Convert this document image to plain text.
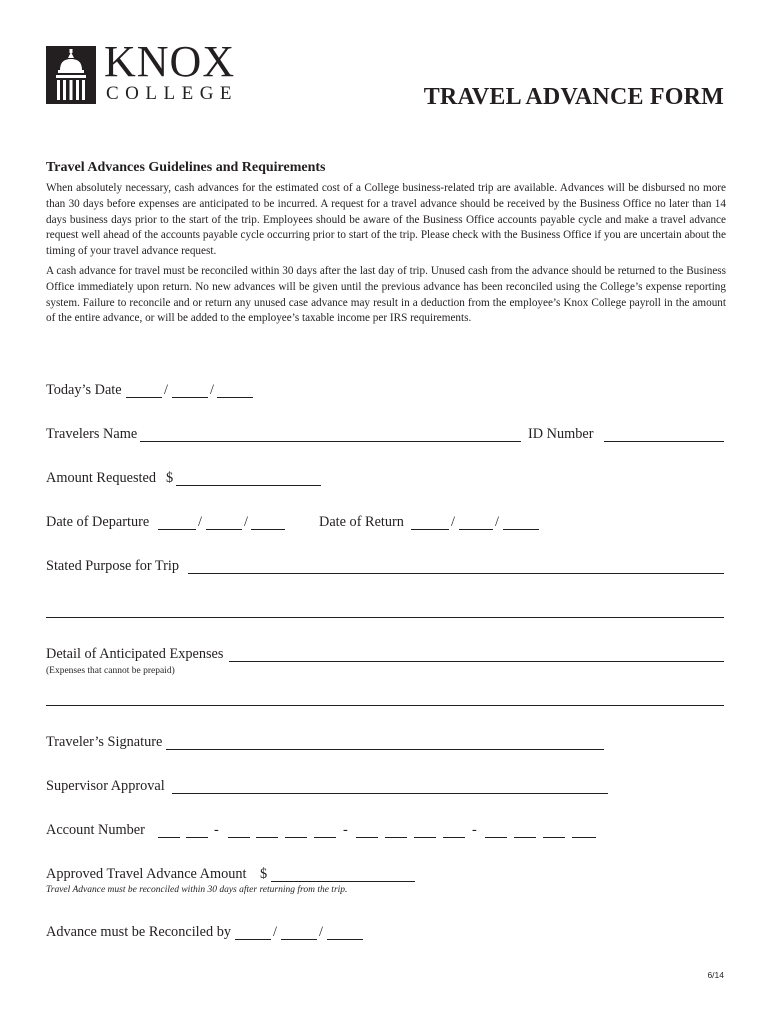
KNOX
COLLEGE	TRAVEL ADVANCE FORM
Travel Advances Guidelines and Requirements

When absolutely necessary, cash advances for the estimated cost of a College business-related trip are available. Advances will be disbursed no more than 30 days before expenses are anticipated to be incurred. A request for a travel advance should be received by the Business Office no later than 14 days business days prior to the start of the trip. Employees should be aware of the Business Office accounts payable cycle and make a travel advance request well ahead of the accounts payable cycle occurring prior to start of the trip. Please check with the Business Office if you are uncertain about the timing of your travel advance request.

A cash advance for travel must be reconciled within 30 days after the last day of trip. Unused cash from the advance should be returned to the Business Office immediately upon return. No new advances will be given until the previous advance has been reconciled using the College’s expense reporting system. Failure to reconcile and or return any unused case advance may result in a deduction from the employee’s Knox College payroll in the amount of the entire advance, or will be added to the employee’s taxable income per IRS requirements.

Today’s Date	/	/
Travelers Name	ID Number
Amount Requested $
Date of Departure	/	/	Date of Return	/	/
Stated Purpose for Trip
Detail of Anticipated Expenses
(Expenses that cannot be prepaid)
Traveler’s Signature
Supervisor Approval
Account Number	-	-	-
Approved Travel Advance Amount $
Travel Advance must be reconciled within 30 days after returning from the trip.
Advance must be Reconciled by	/	/
6/14
